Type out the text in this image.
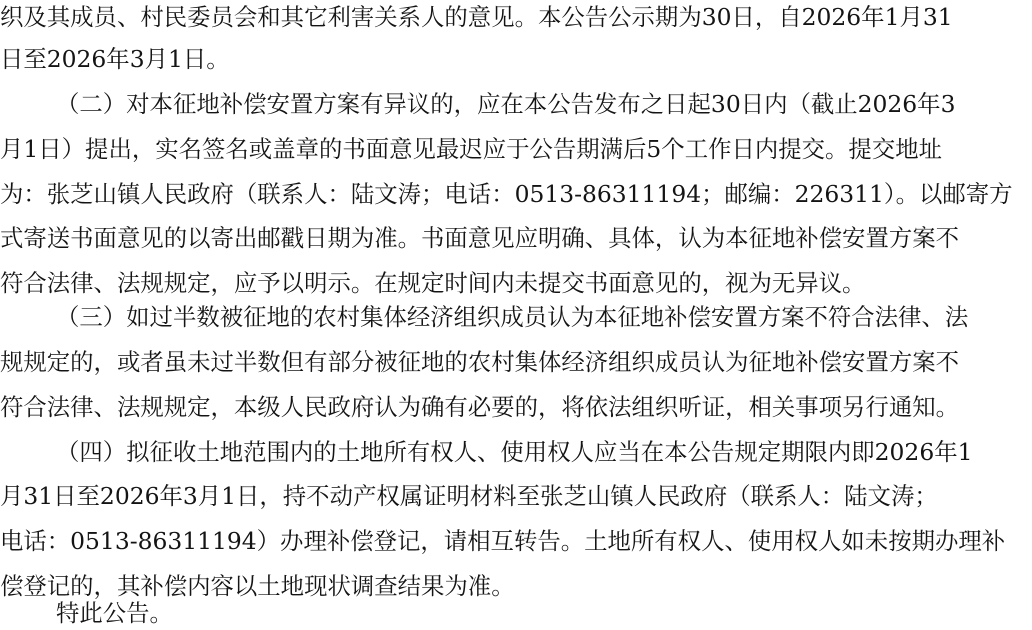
织及其成员、村民委员会和其它利害关系人的意见。本公告公示期为30日，自2026年1月31
日至2026年3月1日。
（二）对本征地补偿安置方案有异议的，应在本公告发布之日起30日内（截止2026年3
月1日）提出，实名签名或盖章的书面意见最迟应于公告期满后5个工作日内提交。提交地址
为：张芝山镇人民政府（联系人：陆文涛；电话：0513-86311194；邮编：226311）。以邮寄方
式寄送书面意见的以寄出邮戳日期为准。书面意见应明确、具体，认为本征地补偿安置方案不
符合法律、法规规定，应予以明示。在规定时间内未提交书面意见的，视为无异议。
（三）如过半数被征地的农村集体经济组织成员认为本征地补偿安置方案不符合法律、法
规规定的，或者虽未过半数但有部分被征地的农村集体经济组织成员认为征地补偿安置方案不
符合法律、法规规定，本级人民政府认为确有必要的，将依法组织听证，相关事项另行通知。
（四）拟征收土地范围内的土地所有权人、使用权人应当在本公告规定期限内即2026年1
月31日至2026年3月1日，持不动产权属证明材料至张芝山镇人民政府（联系人：陆文涛；
电话：0513-86311194）办理补偿登记，请相互转告。土地所有权人、使用权人如未按期办理补
偿登记的，其补偿内容以土地现状调查结果为准。
特此公告。
